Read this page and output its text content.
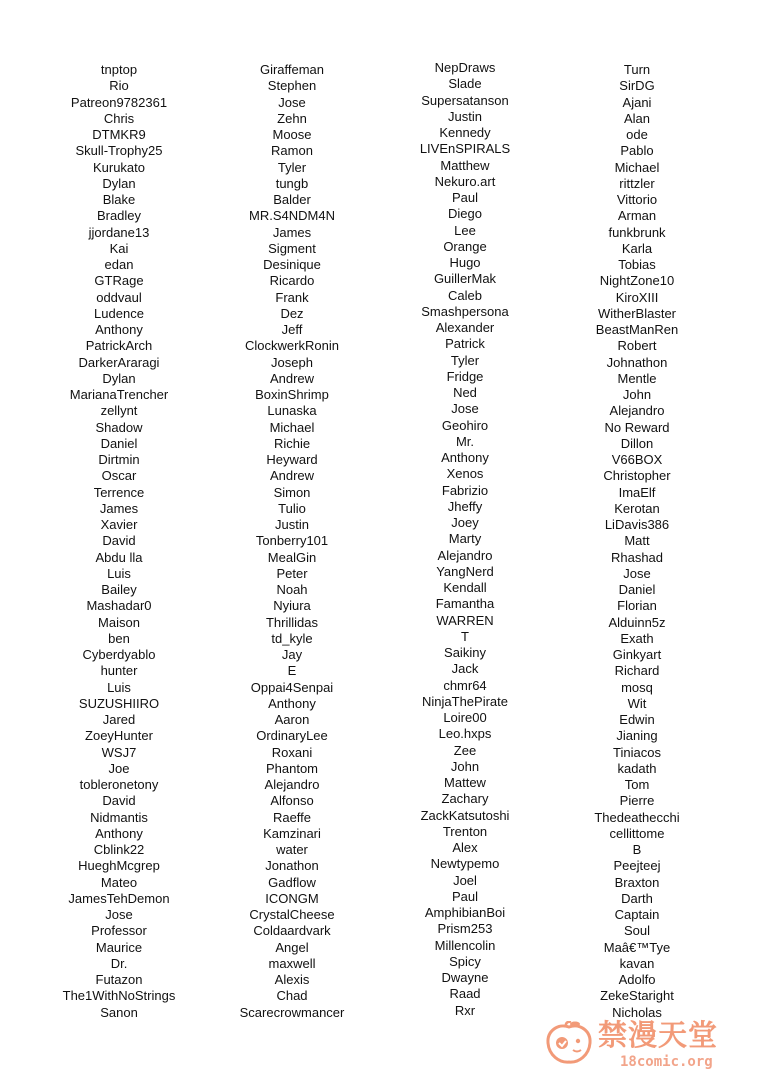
tnptop
Rio
Patreon9782361
Chris
DTMKR9
Skull-Trophy25
Kurukato
Dylan
Blake
Bradley
jjordane13
Kai
edan
GTRage
oddvaul
Ludence
Anthony
PatrickArch
DarkerAraragi
Dylan
MarianaTrencher
zellynt
Shadow
Daniel
Dirtmin
Oscar
Terrence
James
Xavier
David
Abdu lla
Luis
Bailey
Mashadar0
Maison
ben
Cyberdyablo
hunter
Luis
SUZUSHIIRO
Jared
ZoeyHunter
WSJ7
Joe
tobleronetony
David
Nidmantis
Anthony
Cblink22
HueghMcgrep
Mateo
JamesTehDemon
Jose
Professor
Maurice
Dr.
Futazon
The1WithNoStrings
Sanon
Giraffeman
Stephen
Jose
Zehn
Moose
Ramon
Tyler
tungb
Balder
MR.S4NDM4N
James
Sigment
Desinique
Ricardo
Frank
Dez
Jeff
ClockwerkRonin
Joseph
Andrew
BoxinShrimp
Lunaska
Michael
Richie
Heyward
Andrew
Simon
Tulio
Justin
Tonberry101
MealGin
Peter
Noah
Nyiura
Thrillidas
td_kyle
Jay
E
Oppai4Senpai
Anthony
Aaron
OrdinaryLee
Roxani
Phantom
Alejandro
Alfonso
Raeffe
Kamzinari
water
Jonathon
Gadflow
ICONGM
CrystalCheese
Coldaardvark
Angel
maxwell
Alexis
Chad
Scarecrowmancer
NepDraws
Slade
Supersatanson
Justin
Kennedy
LIVEnSPIRALS
Matthew
Nekuro.art
Paul
Diego
Lee
Orange
Hugo
GuillerMak
Caleb
Smashpersona
Alexander
Patrick
Tyler
Fridge
Ned
Jose
Geohiro
Mr.
Anthony
Xenos
Fabrizio
Jheffy
Joey
Marty
Alejandro
YangNerd
Kendall
Famantha
WARREN
T
Saikiny
Jack
chmr64
NinjaThePirate
Loire00
Leo.hxps
Zee
John
Mattew
Zachary
ZackKatsutoshi
Trenton
Alex
Newtypemo
Joel
Paul
AmphibianBoi
Prism253
Millencolin
Spicy
Dwayne
Raad
Rxr
Turn
SirDG
Ajani
Alan
ode
Pablo
Michael
rittzler
Vittorio
Arman
funkbrunk
Karla
Tobias
NightZone10
KiroXIII
WitherBlaster
BeastManRen
Robert
Johnathon
Mentle
John
Alejandro
No Reward
Dillon
V66BOX
Christopher
ImaElf
Kerotan
LiDavis386
Matt
Rhashad
Jose
Daniel
Florian
Alduinn5z
Exath
Ginkyart
Richard
mosq
Wit
Edwin
Jianing
Tiniacos
kadath
Tom
Pierre
Thedeathecchi
cellittome
B
Peejteej
Braxton
Darth
Captain
Soul
Maâ€™Tye
kavan
Adolfo
ZekeStaright
Nicholas
禁漫天堂
18comic.org
